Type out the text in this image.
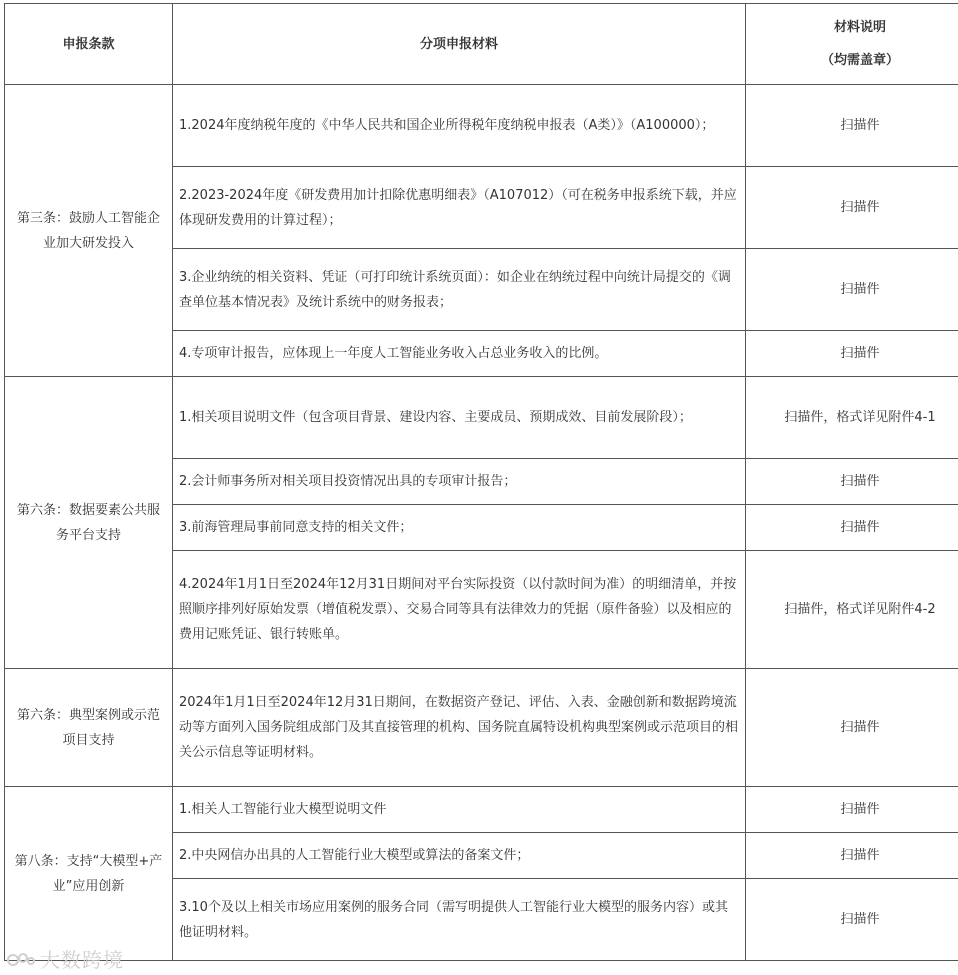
申报条款	分项申报材料	材料说明
（均需盖章）

第三条：鼓励人工智能企业加大研发投入	1.2024年度纳税年度的《中华人民共和国企业所得税年度纳税申报表（A类）》（A100000）；	扫描件
	2.2023-2024年度《研发费用加计扣除优惠明细表》（A107012）（可在税务申报系统下载，并应体现研发费用的计算过程）；	扫描件
	3.企业纳统的相关资料、凭证（可打印统计系统页面）：如企业在纳统过程中向统计局提交的《调查单位基本情况表》及统计系统中的财务报表；	扫描件
	4.专项审计报告，应体现上一年度人工智能业务收入占总业务收入的比例。	扫描件
第六条：数据要素公共服务平台支持	1.相关项目说明文件（包含项目背景、建设内容、主要成员、预期成效、目前发展阶段）；	扫描件，格式详见附件4-1
	2.会计师事务所对相关项目投资情况出具的专项审计报告；	扫描件
	3.前海管理局事前同意支持的相关文件；	扫描件
	4.2024年1月1日至2024年12月31日期间对平台实际投资（以付款时间为准）的明细清单，并按照顺序排列好原始发票（增值税发票）、交易合同等具有法律效力的凭据（原件备验）以及相应的费用记账凭证、银行转账单。	扫描件，格式详见附件4-2
第六条：典型案例或示范项目支持	2024年1月1日至2024年12月31日期间，在数据资产登记、评估、入表、金融创新和数据跨境流动等方面列入国务院组成部门及其直接管理的机构、国务院直属特设机构典型案例或示范项目的相关公示信息等证明材料。	扫描件
第八条：支持“大模型+产业”应用创新	1.相关人工智能行业大模型说明文件	扫描件
	2.中央网信办出具的人工智能行业大模型或算法的备案文件；	扫描件
	3.10个及以上相关市场应用案例的服务合同（需写明提供人工智能行业大模型的服务内容）或其他证明材料。	扫描件
大数跨境
